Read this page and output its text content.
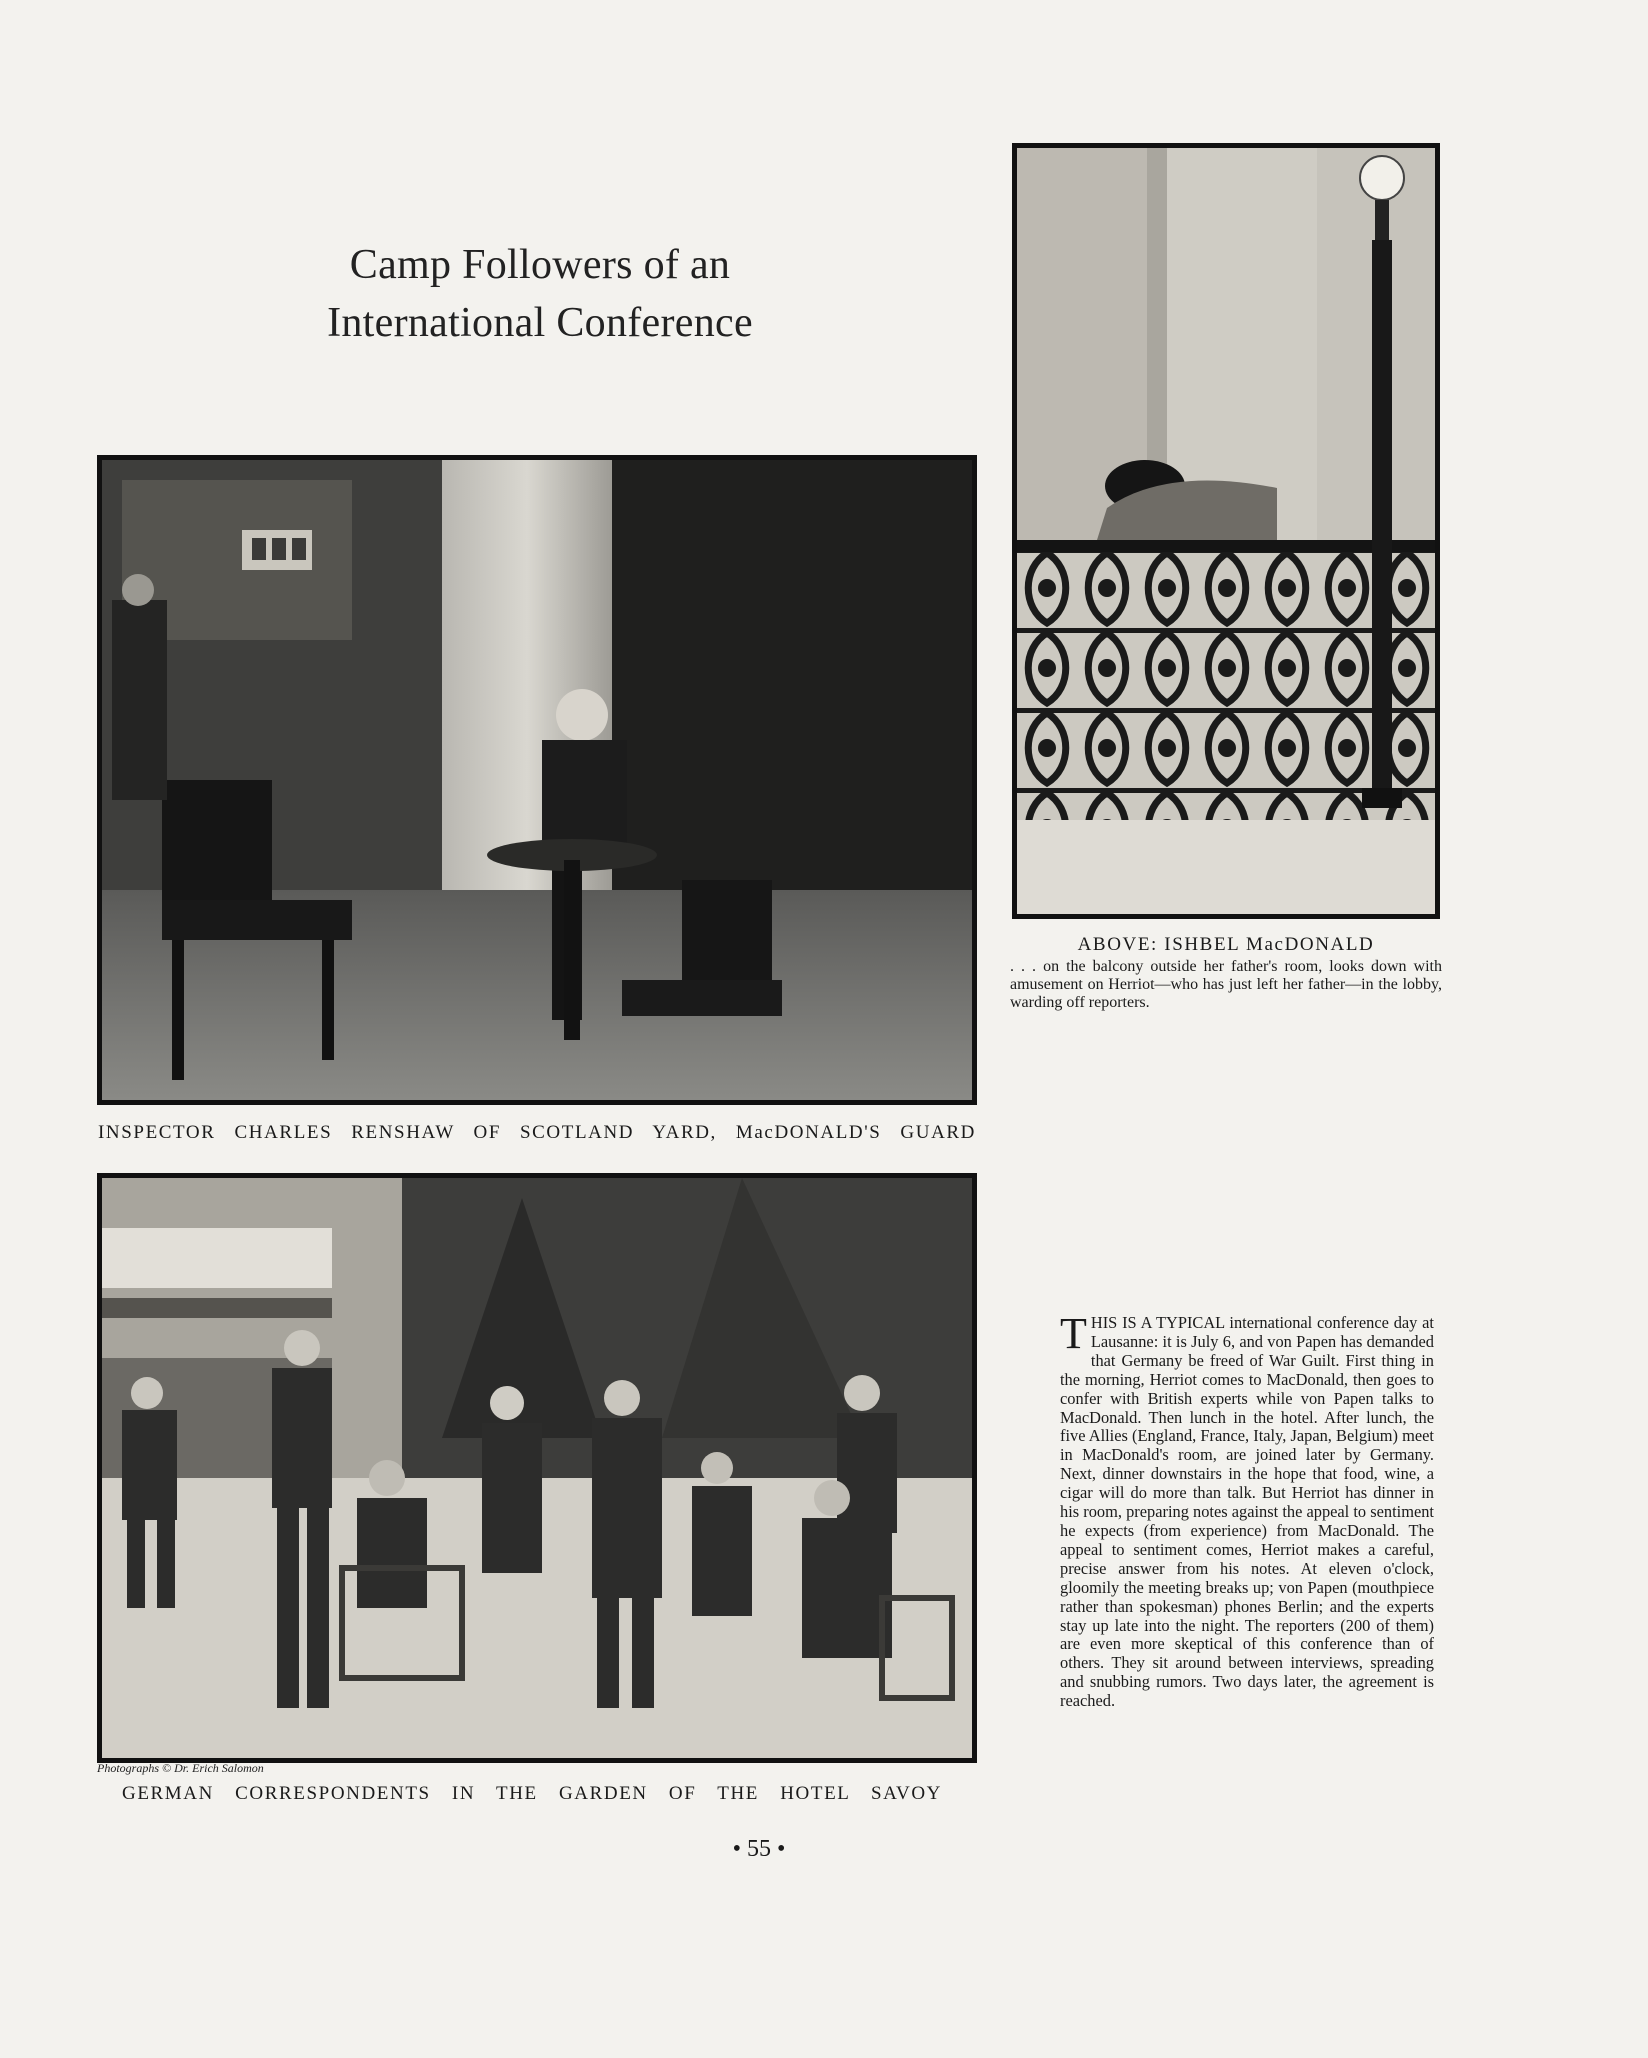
Camp Followers of an
International Conference
INSPECTOR CHARLES RENSHAW OF SCOTLAND YARD, MacDONALD'S GUARD
ABOVE: ISHBEL MacDONALD
. . . on the balcony outside her father's room, looks down with amusement on Herriot—who has just left her father—in the lobby, warding off reporters.
Photographs © Dr. Erich Salomon
GERMAN CORRESPONDENTS IN THE GARDEN OF THE HOTEL SAVOY
THIS IS A TYPICAL international conference day at Lausanne: it is July 6, and von Papen has demanded that Germany be freed of War Guilt. First thing in the morning, Herriot comes to MacDonald, then goes to confer with British experts while von Papen talks to MacDonald. Then lunch in the hotel. After lunch, the five Allies (England, France, Italy, Japan, Belgium) meet in MacDonald's room, are joined later by Germany. Next, dinner downstairs in the hope that food, wine, a cigar will do more than talk. But Herriot has dinner in his room, preparing notes against the appeal to sentiment he expects (from experience) from MacDonald. The appeal to sentiment comes, Herriot makes a careful, precise answer from his notes. At eleven o'clock, gloomily the meeting breaks up; von Papen (mouthpiece rather than spokesman) phones Berlin; and the experts stay up late into the night. The reporters (200 of them) are even more skeptical of this conference than of others. They sit around between interviews, spreading and snubbing rumors. Two days later, the agreement is reached.
• 55 •
